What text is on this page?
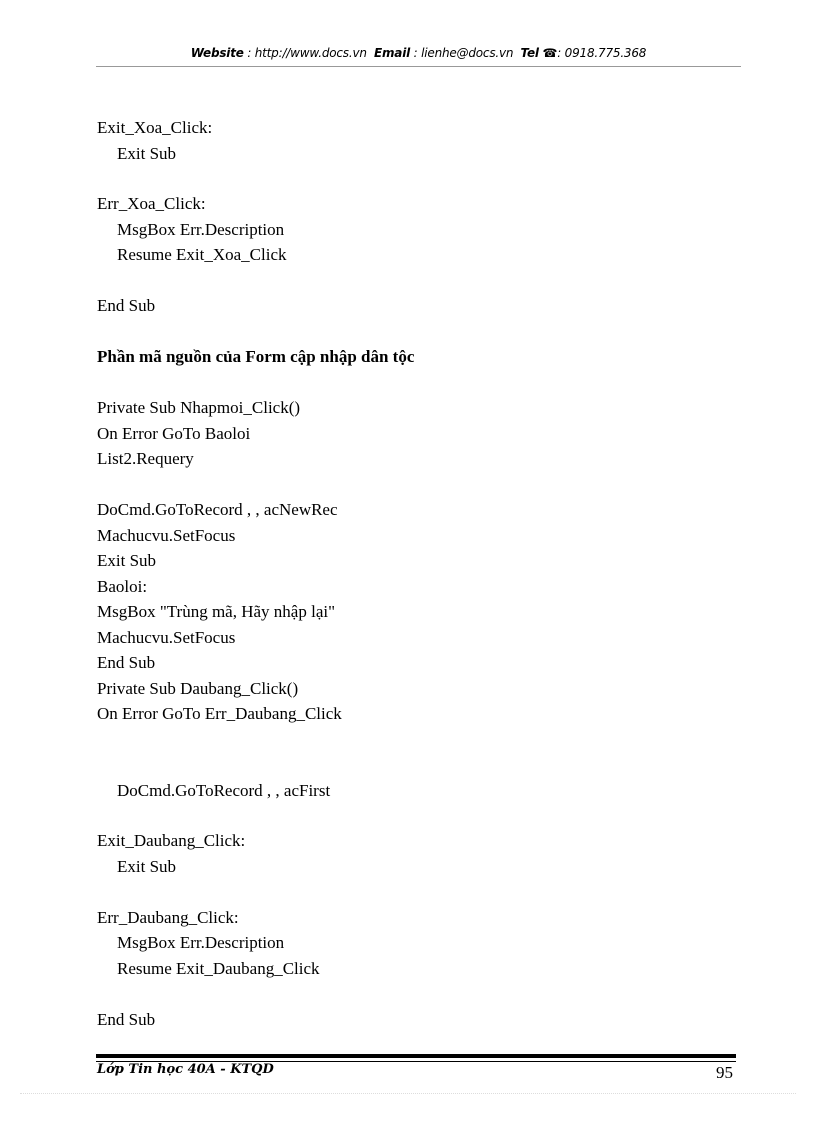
Website : http://www.docs.vn Email : lienhe@docs.vn Tel ☎: 0918.775.368
Exit_Xoa_Click:
Exit Sub
Err_Xoa_Click:
MsgBox Err.Description
Resume Exit_Xoa_Click
End Sub
Phần mã nguồn của Form cập nhập dân tộc
Private Sub Nhapmoi_Click()
On Error GoTo Baoloi
List2.Requery
DoCmd.GoToRecord , , acNewRec
Machucvu.SetFocus
Exit Sub
Baoloi:
MsgBox "Trùng mã, Hãy nhập lại"
Machucvu.SetFocus
End Sub
Private Sub Daubang_Click()
On Error GoTo Err_Daubang_Click
DoCmd.GoToRecord , , acFirst
Exit_Daubang_Click:
Exit Sub
Err_Daubang_Click:
MsgBox Err.Description
Resume Exit_Daubang_Click
End Sub
Lớp Tin học 40A - KTQD	95
